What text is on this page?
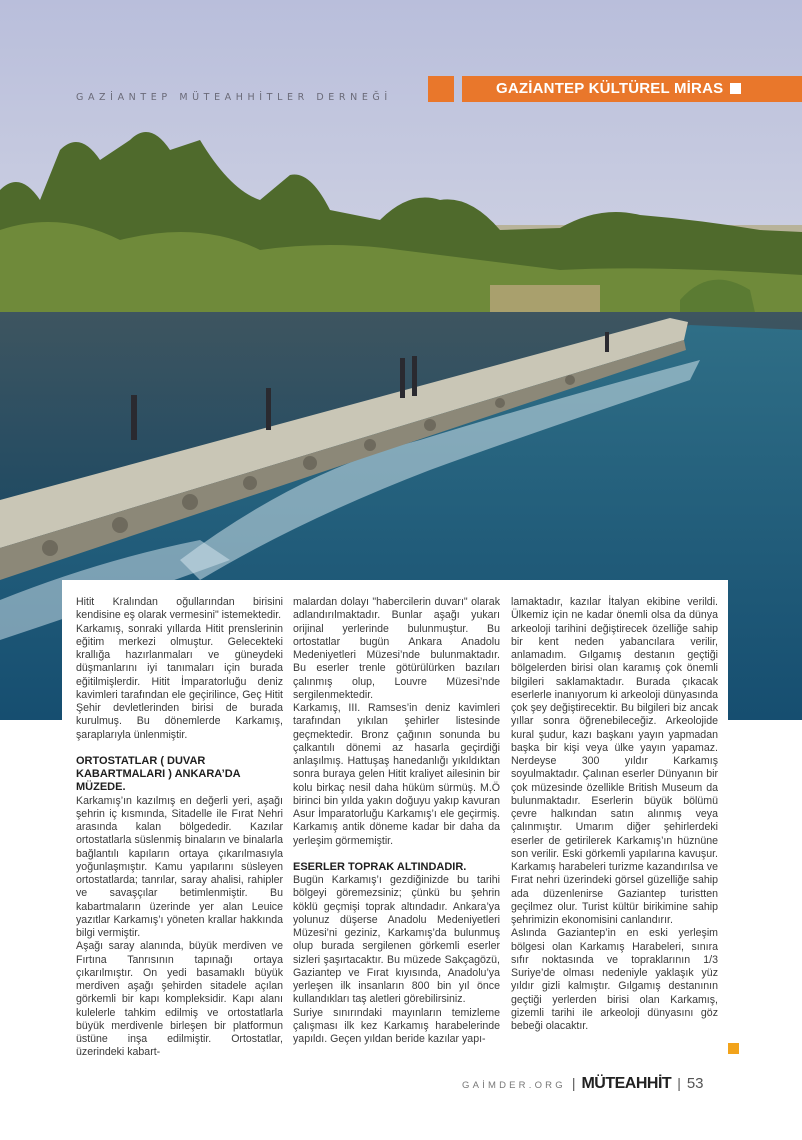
GAZİANTEP MÜTEAHHİTLER DERNEĞİ
GAZİANTEP KÜLTÜREL MİRAS

Hitit Kralından oğullarından birisini kendisine eş olarak vermesini" istemektedir.

Karkamış, sonraki yıllarda Hitit prenslerinin eğitim merkezi olmuştur. Gelecekteki krallığa hazırlanmaları ve güneydeki düşmanlarını iyi tanımaları için burada eğitilmişlerdir. Hitit İmparatorluğu deniz kavimleri tarafından ele geçirilince, Geç Hitit Şehir devletlerinden birisi de burada kurulmuş. Bu dönemlerde Karkamış, şaraplarıyla ünlenmiştir.

ORTOSTATLAR ( DUVAR KABARTMALARI ) ANKARA’DA MÜZEDE.

Karkamış’ın kazılmış en değerli yeri, aşağı şehrin iç kısmında, Sitadelle ile Fırat Nehri arasında kalan bölgededir. Kazılar ortostatlarla süslenmiş binaların ve binalarla bağlantılı kapıların ortaya çıkarılmasıyla yoğunlaşmıştır. Kamu yapılarını süsleyen ortostatlarda; tanrılar, saray ahalisi, rahipler ve savaşçılar betimlenmiştir. Bu kabartmaların üzerinde yer alan Leuice yazıtlar Karkamış’ı yöneten krallar hakkında bilgi vermiştir.

Aşağı saray alanında, büyük merdiven ve Fırtına Tanrısının tapınağı ortaya çıkarılmıştır. On yedi basamaklı büyük merdiven aşağı şehirden sitadele açılan görkemli bir kapı kompleksidir. Kapı alanı kulelerle tahkim edilmiş ve ortostatlarla büyük merdivenle birleşen bir platformun üstüne inşa edilmiştir. Ortostatlar, üzerindeki kabart-

malardan dolayı "habercilerin duvarı" olarak adlandırılmaktadır. Bunlar aşağı yukarı orijinal yerlerinde bulunmuştur. Bu ortostatlar bugün Ankara Anadolu Medeniyetleri Müzesi’nde bulunmaktadır. Bu eserler trenle götürülürken bazıları çalınmış olup, Louvre Müzesi’nde sergilenmektedir.

Karkamış, III. Ramses’in deniz kavimleri tarafından yıkılan şehirler listesinde geçmektedir. Bronz çağının sonunda bu çalkantılı dönemi az hasarla geçirdiği anlaşılmış. Hattuşaş hanedanlığı yıkıldıktan sonra buraya gelen Hitit kraliyet ailesinin bir kolu birkaç nesil daha hüküm sürmüş. M.Ö birinci bin yılda yakın doğuyu yakıp kavuran Asur İmparatorluğu Karkamış’ı ele geçirmiş. Karkamış antik döneme kadar bir daha da yerleşim görmemiştir.

ESERLER TOPRAK ALTINDADIR.

Bugün Karkamış’ı gezdiğinizde bu tarihi bölgeyi göremezsiniz; çünkü bu şehrin köklü geçmişi toprak altındadır. Ankara’ya yolunuz düşerse Anadolu Medeniyetleri Müzesi’ni geziniz, Karkamış’da bulunmuş olup burada sergilenen görkemli eserler sizleri şaşırtacaktır. Bu müzede Sakçagözü, Gaziantep ve Fırat kıyısında, Anadolu’ya yerleşen ilk insanların 800 bin yıl önce kullandıkları taş aletleri görebilirsiniz.

Suriye sınırındaki mayınların temizleme çalışması ilk kez Karkamış harabelerinde yapıldı. Geçen yıldan beride kazılar yapı-

lamaktadır, kazılar İtalyan ekibine verildi. Ülkemiz için ne kadar önemli olsa da dünya arkeoloji tarihini değiştirecek özelliğe sahip bir kent neden yabancılara verilir, anlamadım. Gılgamış destanın geçtiği bölgelerden birisi olan karamış çok önemli bilgileri saklamaktadır. Burada çıkacak eserlerle inanıyorum ki arkeoloji dünyasında çok şey değiştirecektir. Bu bilgileri biz ancak yıllar sonra öğrenebileceğiz. Arkeolojide kural şudur, kazı başkanı yayın yapmadan başka bir kişi veya ülke yayın yapamaz. Nerdeyse 300 yıldır Karkamış soyulmaktadır. Çalınan eserler Dünyanın bir çok müzesinde özellikle British Museum da bulunmaktadır. Eserlerin büyük bölümü çevre halkından satın alınmış veya çalınmıştır. Umarım diğer şehirlerdeki eserler de getirilerek Karkamış’ın hüznüne son verilir. Eski görkemli yapılarına kavuşur. Karkamış harabeleri turizme kazandırılsa ve Fırat nehri üzerindeki görsel güzelliğe sahip ada düzenlenirse Gaziantep turistten geçilmez olur. Turist kültür birikimine sahip şehrimizin ekonomisini canlandırır.

Aslında Gaziantep’in en eski yerleşim bölgesi olan Karkamış Harabeleri, sınıra sıfır noktasında ve topraklarının 1/3 Suriye’de olması nedeniyle yaklaşık yüz yıldır gizli kalmıştır. Gılgamış destanının geçtiği yerlerden birisi olan Karkamış, gizemli tarihi ile arkeoloji dünyasını göz bebeği olacaktır.

GAİMDER.ORG | MÜTEAHHİT | 53
